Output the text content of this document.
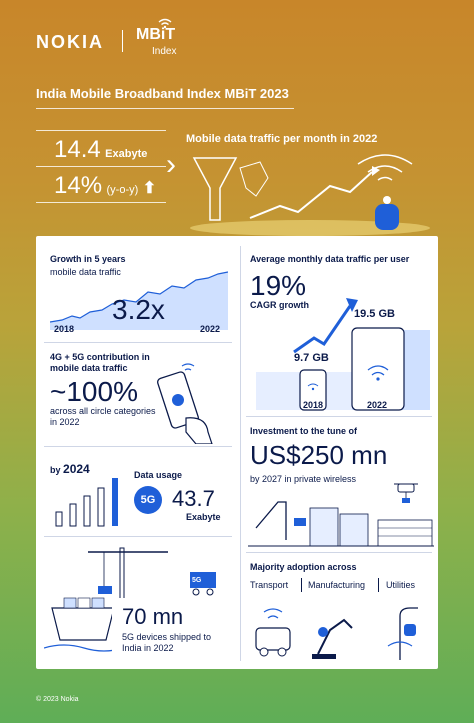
NOKIA MBiT
Index
India Mobile Broadband Index MBiT 2023
14.4 Exabyte
14% (y-o-y) ⬆
›
Mobile data traffic per month in 2022
Growth in 5 years
mobile data traffic
3.2x
2018	2022
4G + 5G contribution in mobile data traffic
~100%
across all circle categories in 2022
by 2024	Data usage
5G 43.7
Exabyte
5G
70 mn
5G devices shipped to India in 2022
Average monthly data traffic per user
19%
CAGR growth
19.5 GB
9.7 GB
2018	2022
Investment to the tune of
US$250 mn
by 2027 in private wireless
Majority adoption across
Transport Manufacturing Utilities
© 2023 Nokia
